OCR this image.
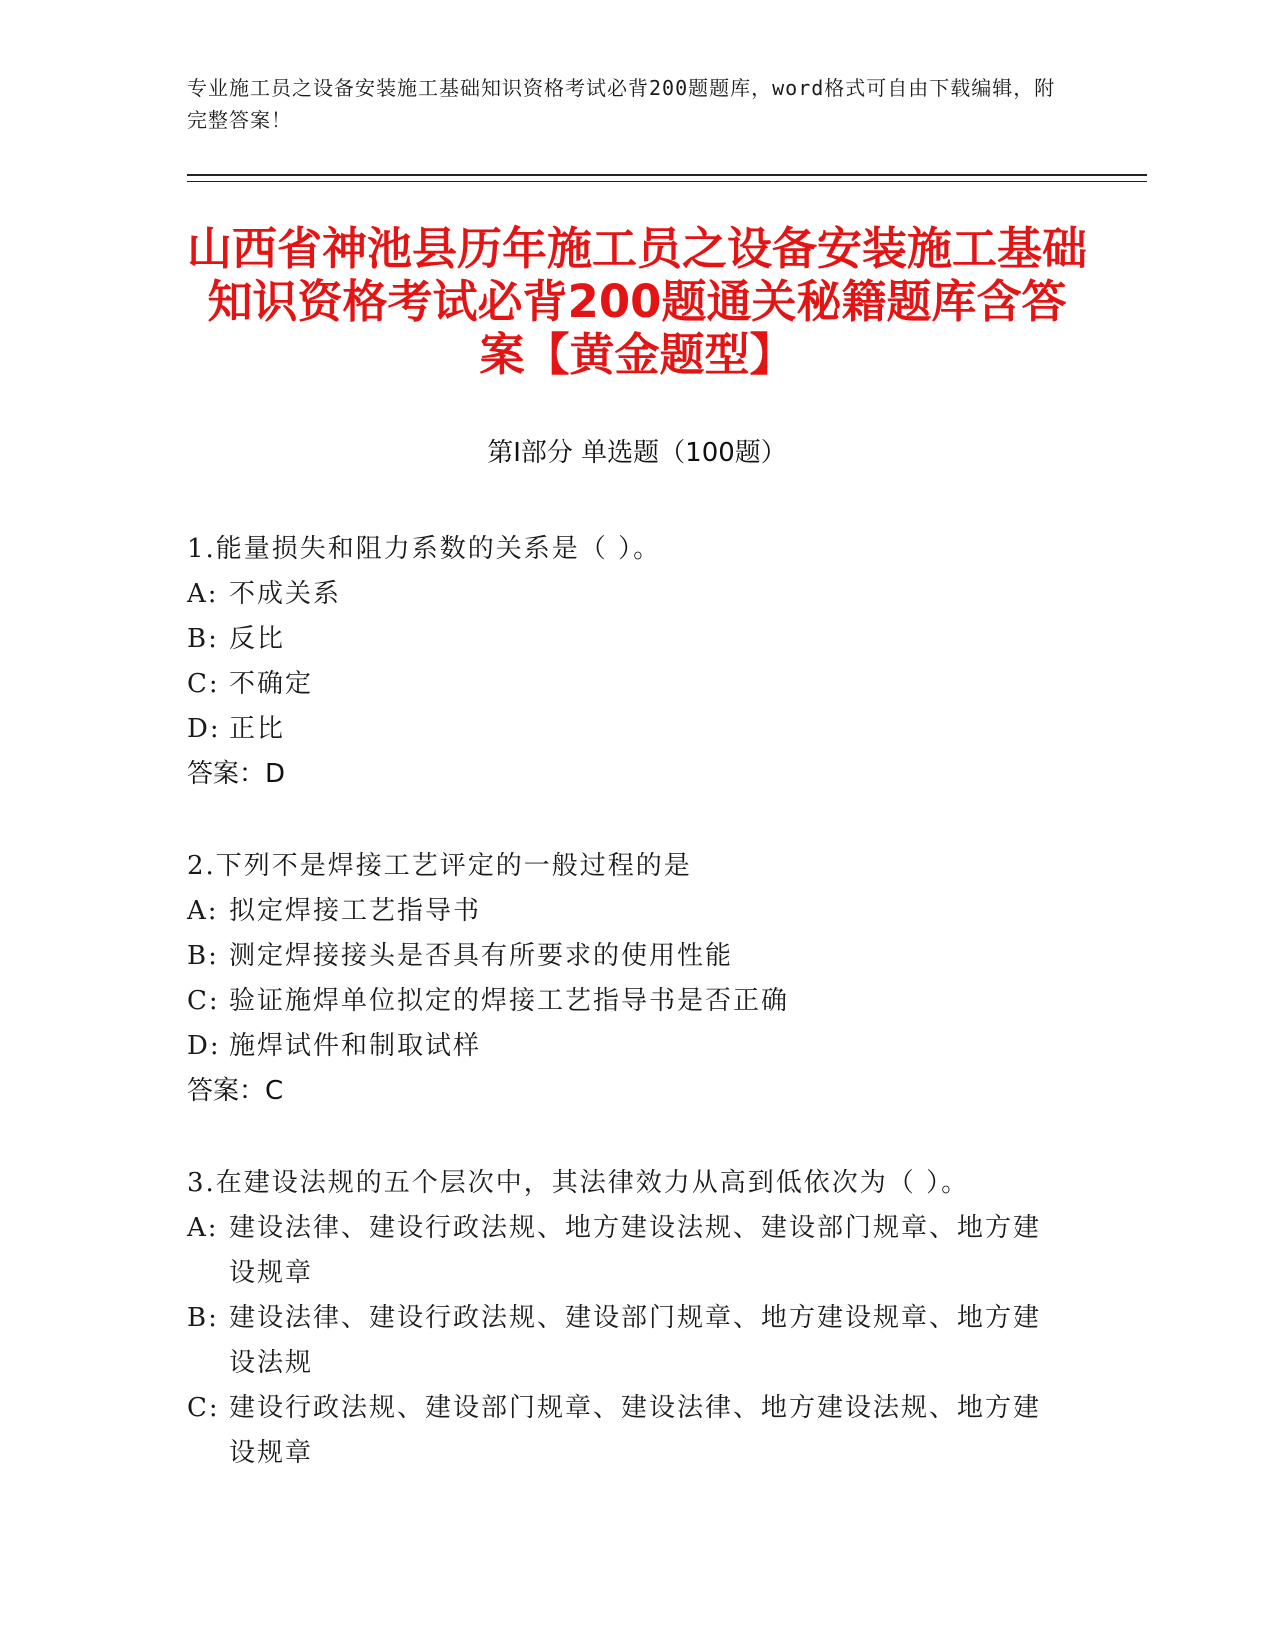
专业施工员之设备安装施工基础知识资格考试必背200题题库，word格式可自由下载编辑，附完整答案！
山西省神池县历年施工员之设备安装施工基础知识资格考试必背200题通关秘籍题库含答案【黄金题型】
第Ⅰ部分 单选题（100题）
1.能量损失和阻力系数的关系是（ ）。
A: 不成关系
B: 反比
C: 不确定
D: 正比
答案：D
2.下列不是焊接工艺评定的一般过程的是
A: 拟定焊接工艺指导书
B: 测定焊接接头是否具有所要求的使用性能
C: 验证施焊单位拟定的焊接工艺指导书是否正确
D: 施焊试件和制取试样
答案：C
3.在建设法规的五个层次中，其法律效力从高到低依次为（ ）。
A: 建设法律、建设行政法规、地方建设法规、建设部门规章、地方建设规章
B: 建设法律、建设行政法规、建设部门规章、地方建设规章、地方建设法规
C: 建设行政法规、建设部门规章、建设法律、地方建设法规、地方建设规章
